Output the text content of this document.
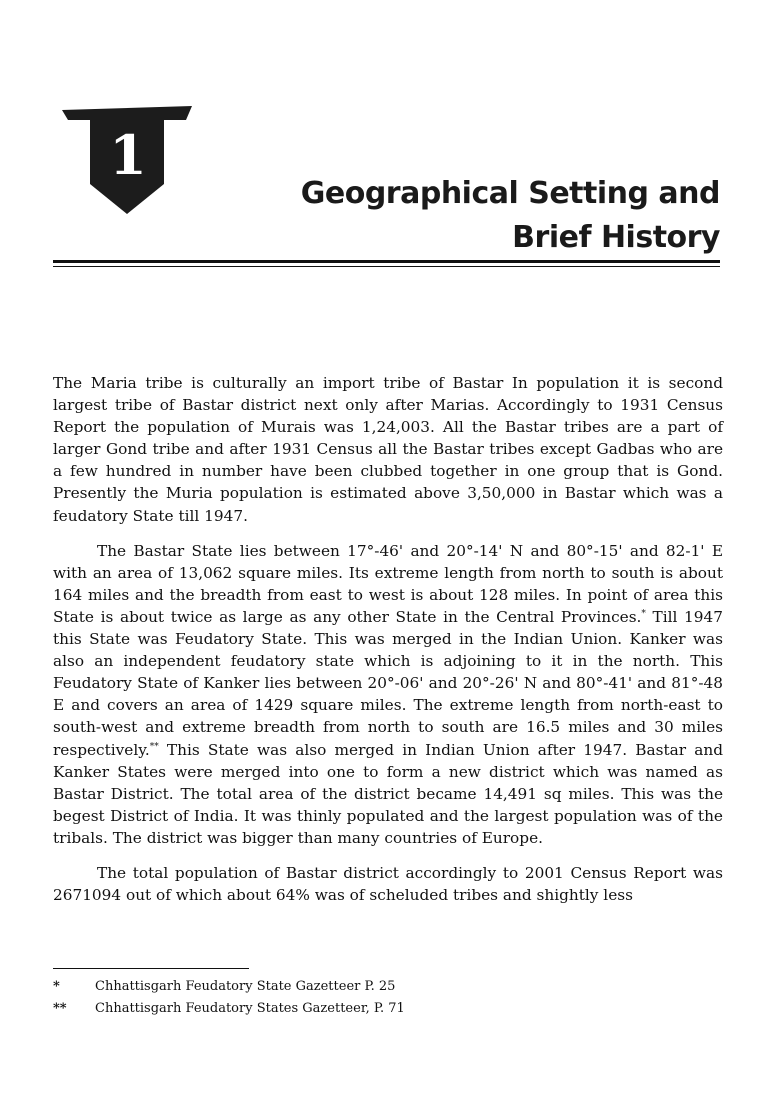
1
Geographical Setting and
Brief History

The Maria tribe is culturally an import tribe of Bastar In population it is second largest tribe of Bastar district next only after Marias. Accordingly to 1931 Census Report the population of Murais was 1,24,003. All the Bastar tribes are a part of larger Gond tribe and after 1931 Census all the Bastar tribes except Gadbas who are a few hundred in number have been clubbed together in one group that is Gond. Presently the Muria population is estimated above 3,50,000 in Bastar which was a feudatory State till 1947.

The Bastar State lies between 17°-46' and 20°-14' N and 80°-15' and 82-1' E with an area of 13,062 square miles. Its extreme length from north to south is about 164 miles and the breadth from east to west is about 128 miles. In point of area this State is about twice as large as any other State in the Central Provinces.* Till 1947 this State was Feudatory State. This was merged in the Indian Union. Kanker was also an independent feudatory state which is adjoining to it in the north. This Feudatory State of Kanker lies between 20°-06' and 20°-26' N and 80°-41' and 81°-48 E and covers an area of 1429 square miles. The extreme length from north-east to south-west and extreme breadth from north to south are 16.5 miles and 30 miles respectively.** This State was also merged in Indian Union after 1947. Bastar and Kanker States were merged into one to form a new district which was named as Bastar District. The total area of the district became 14,491 sq miles. This was the begest District of India. It was thinly populated and the largest population was of the tribals. The district was bigger than many countries of Europe.

The total population of Bastar district accordingly to 2001 Census Report was 2671094 out of which about 64% was of scheluded tribes and shightly less

*	Chhattisgarh Feudatory State Gazetteer P. 25
**	Chhattisgarh Feudatory States Gazetteer, P. 71
